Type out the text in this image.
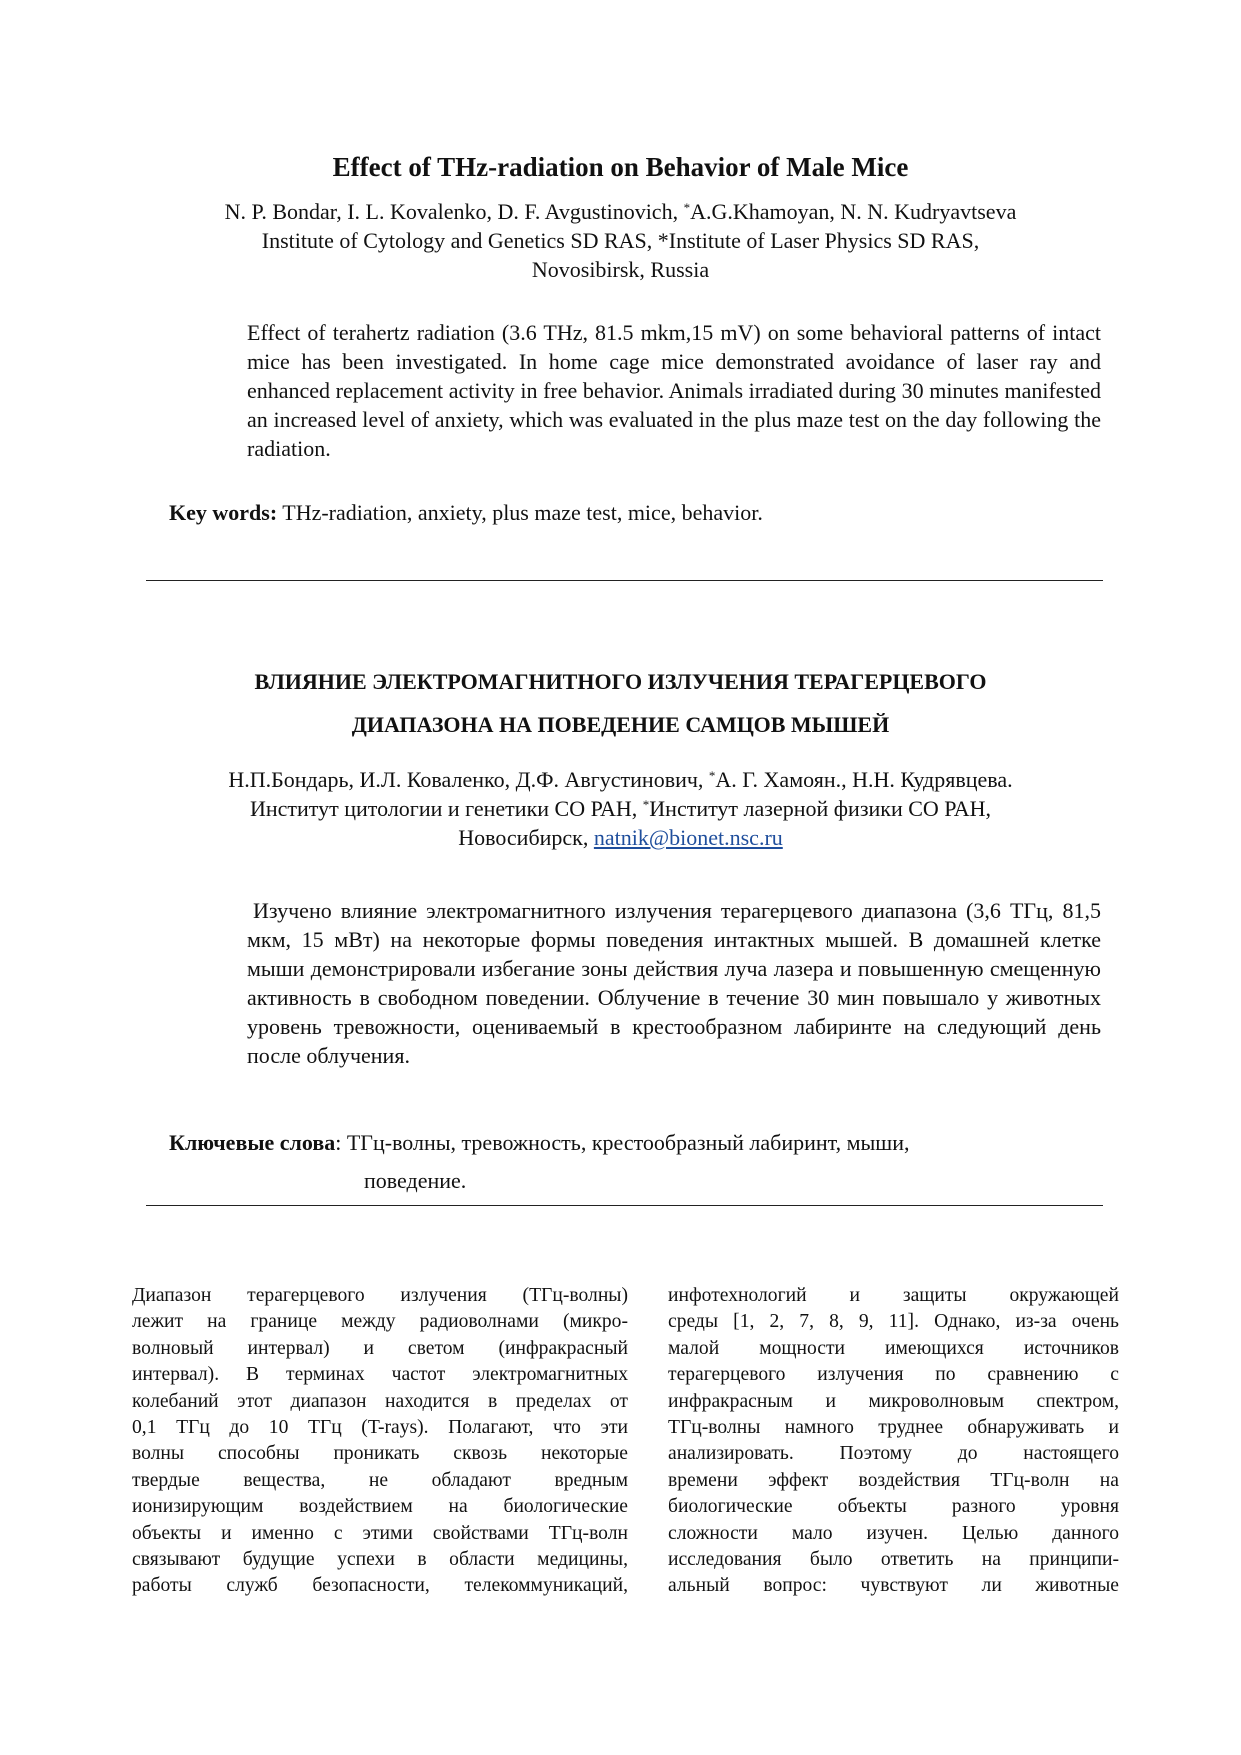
Effect of THz-radiation on Behavior of Male Mice
N. P. Bondar, I. L. Kovalenko, D. F. Avgustinovich, *A.G.Khamoyan, N. N. Kudryavtseva
Institute of Cytology and Genetics SD RAS, *Institute of Laser Physics SD RAS,
Novosibirsk, Russia
Effect of terahertz radiation (3.6 THz, 81.5 mkm,15 mV) on some behavioral patterns of intact mice has been investigated. In home cage mice demonstrated avoidance of laser ray and enhanced replacement activity in free behavior. Animals irradiated during 30 minutes manifested an increased level of anxiety, which was evaluated in the plus maze test on the day following the radiation.
Key words: THz-radiation, anxiety, plus maze test, mice, behavior.
ВЛИЯНИЕ ЭЛЕКТРОМАГНИТНОГО ИЗЛУЧЕНИЯ ТЕРАГЕРЦЕВОГО
ДИАПАЗОНА НА ПОВЕДЕНИЕ САМЦОВ МЫШЕЙ
Н.П.Бондарь, И.Л. Коваленко, Д.Ф. Августинович, *А. Г. Хамоян., Н.Н. Кудрявцева.
Институт цитологии и генетики СО РАН, *Институт лазерной физики СО РАН,
Новосибирск, natnik@bionet.nsc.ru
Изучено влияние электромагнитного излучения терагерцевого диапазона (3,6 ТГц, 81,5 мкм, 15 мВт) на некоторые формы поведения интактных мышей. В домашней клетке мыши демонстрировали избегание зоны действия луча лазера и повышенную смещенную активность в свободном поведении. Облучение в течение 30 мин повышало у животных уровень тревожности, оцениваемый в крестообразном лабиринте на следующий день после облучения.
Ключевые слова: ТГц-волны, тревожность, крестообразный лабиринт, мыши,
поведение.
Диапазон терагерцевого излучения (ТГц-волны)
лежит на границе между радиоволнами (микро-
волновый интервал) и светом (инфракрасный
интервал). В терминах частот электромагнитных
колебаний этот диапазон находится в пределах от
0,1 ТГц до 10 ТГц (T-rays). Полагают, что эти
волны способны проникать сквозь некоторые
твердые вещества, не обладают вредным
ионизирующим воздействием на биологические
объекты и именно с этими свойствами ТГц-волн
связывают будущие успехи в области медицины,
работы служб безопасности, телекоммуникаций,
инфотехнологий и защиты окружающей
среды [1, 2, 7, 8, 9, 11]. Однако, из-за очень
малой мощности имеющихся источников
терагерцевого излучения по сравнению с
инфракрасным и микроволновым спектром,
ТГц-волны намного труднее обнаруживать и
анализировать. Поэтому до настоящего
времени эффект воздействия ТГц-волн на
биологические объекты разного уровня
сложности мало изучен. Целью данного
исследования было ответить на принципи-
альный вопрос: чувствуют ли животные
